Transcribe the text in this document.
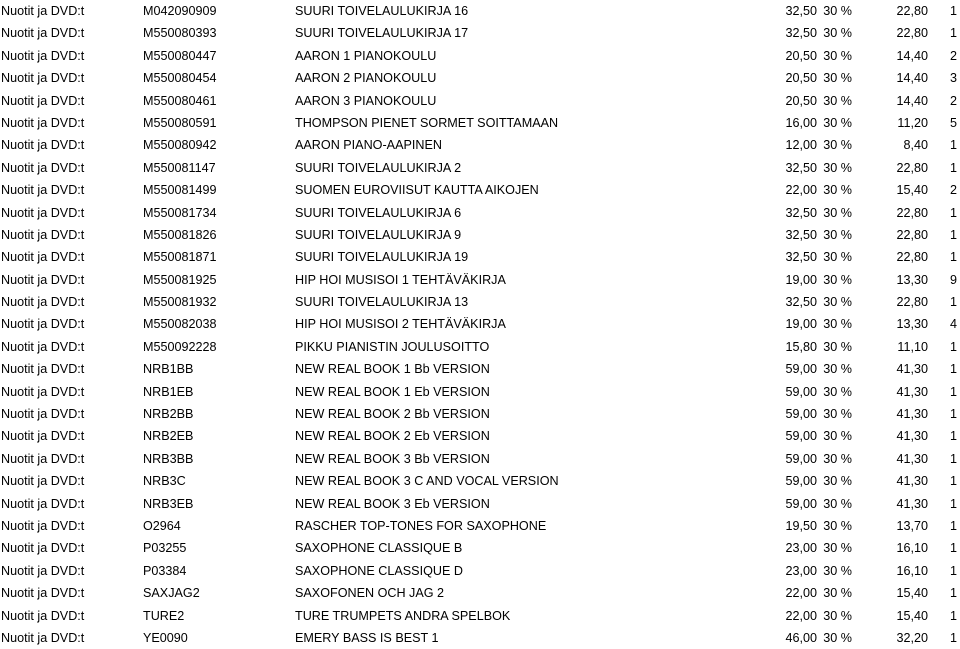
Nuotit ja DVD:t	M042090909	SUURI TOIVELAULUKIRJA 16	32,50 30 %	22,80 1
Nuotit ja DVD:t	M550080393	SUURI TOIVELAULUKIRJA 17	32,50 30 %	22,80 1
Nuotit ja DVD:t	M550080447	AARON 1 PIANOKOULU	20,50 30 %	14,40 2
Nuotit ja DVD:t	M550080454	AARON 2 PIANOKOULU	20,50 30 %	14,40 3
Nuotit ja DVD:t	M550080461	AARON 3 PIANOKOULU	20,50 30 %	14,40 2
Nuotit ja DVD:t	M550080591	THOMPSON PIENET SORMET SOITTAMAAN	16,00 30 %	11,20 5
Nuotit ja DVD:t	M550080942	AARON PIANO-AAPINEN	12,00 30 %	8,40 1
Nuotit ja DVD:t	M550081147	SUURI TOIVELAULUKIRJA 2	32,50 30 %	22,80 1
Nuotit ja DVD:t	M550081499	SUOMEN EUROVIISUT KAUTTA AIKOJEN	22,00 30 %	15,40 2
Nuotit ja DVD:t	M550081734	SUURI TOIVELAULUKIRJA 6	32,50 30 %	22,80 1
Nuotit ja DVD:t	M550081826	SUURI TOIVELAULUKIRJA 9	32,50 30 %	22,80 1
Nuotit ja DVD:t	M550081871	SUURI TOIVELAULUKIRJA 19	32,50 30 %	22,80 1
Nuotit ja DVD:t	M550081925	HIP HOI MUSISOI 1 TEHTÄVÄKIRJA	19,00 30 %	13,30 9
Nuotit ja DVD:t	M550081932	SUURI TOIVELAULUKIRJA 13	32,50 30 %	22,80 1
Nuotit ja DVD:t	M550082038	HIP HOI MUSISOI 2 TEHTÄVÄKIRJA	19,00 30 %	13,30 4
Nuotit ja DVD:t	M550092228	PIKKU PIANISTIN JOULUSOITTO	15,80 30 %	11,10 1
Nuotit ja DVD:t	NRB1BB	NEW REAL BOOK 1 Bb VERSION	59,00 30 %	41,30 1
Nuotit ja DVD:t	NRB1EB	NEW REAL BOOK 1 Eb VERSION	59,00 30 %	41,30 1
Nuotit ja DVD:t	NRB2BB	NEW REAL BOOK 2 Bb VERSION	59,00 30 %	41,30 1
Nuotit ja DVD:t	NRB2EB	NEW REAL BOOK 2 Eb VERSION	59,00 30 %	41,30 1
Nuotit ja DVD:t	NRB3BB	NEW REAL BOOK 3 Bb VERSION	59,00 30 %	41,30 1
Nuotit ja DVD:t	NRB3C	NEW REAL BOOK 3 C AND VOCAL VERSION	59,00 30 %	41,30 1
Nuotit ja DVD:t	NRB3EB	NEW REAL BOOK 3 Eb VERSION	59,00 30 %	41,30 1
Nuotit ja DVD:t	O2964	RASCHER TOP-TONES FOR SAXOPHONE	19,50 30 %	13,70 1
Nuotit ja DVD:t	P03255	SAXOPHONE CLASSIQUE B	23,00 30 %	16,10 1
Nuotit ja DVD:t	P03384	SAXOPHONE CLASSIQUE D	23,00 30 %	16,10 1
Nuotit ja DVD:t	SAXJAG2	SAXOFONEN OCH JAG 2	22,00 30 %	15,40 1
Nuotit ja DVD:t	TURE2	TURE TRUMPETS ANDRA SPELBOK	22,00 30 %	15,40 1
Nuotit ja DVD:t	YE0090	EMERY BASS IS BEST 1	46,00 30 %	32,20 1
